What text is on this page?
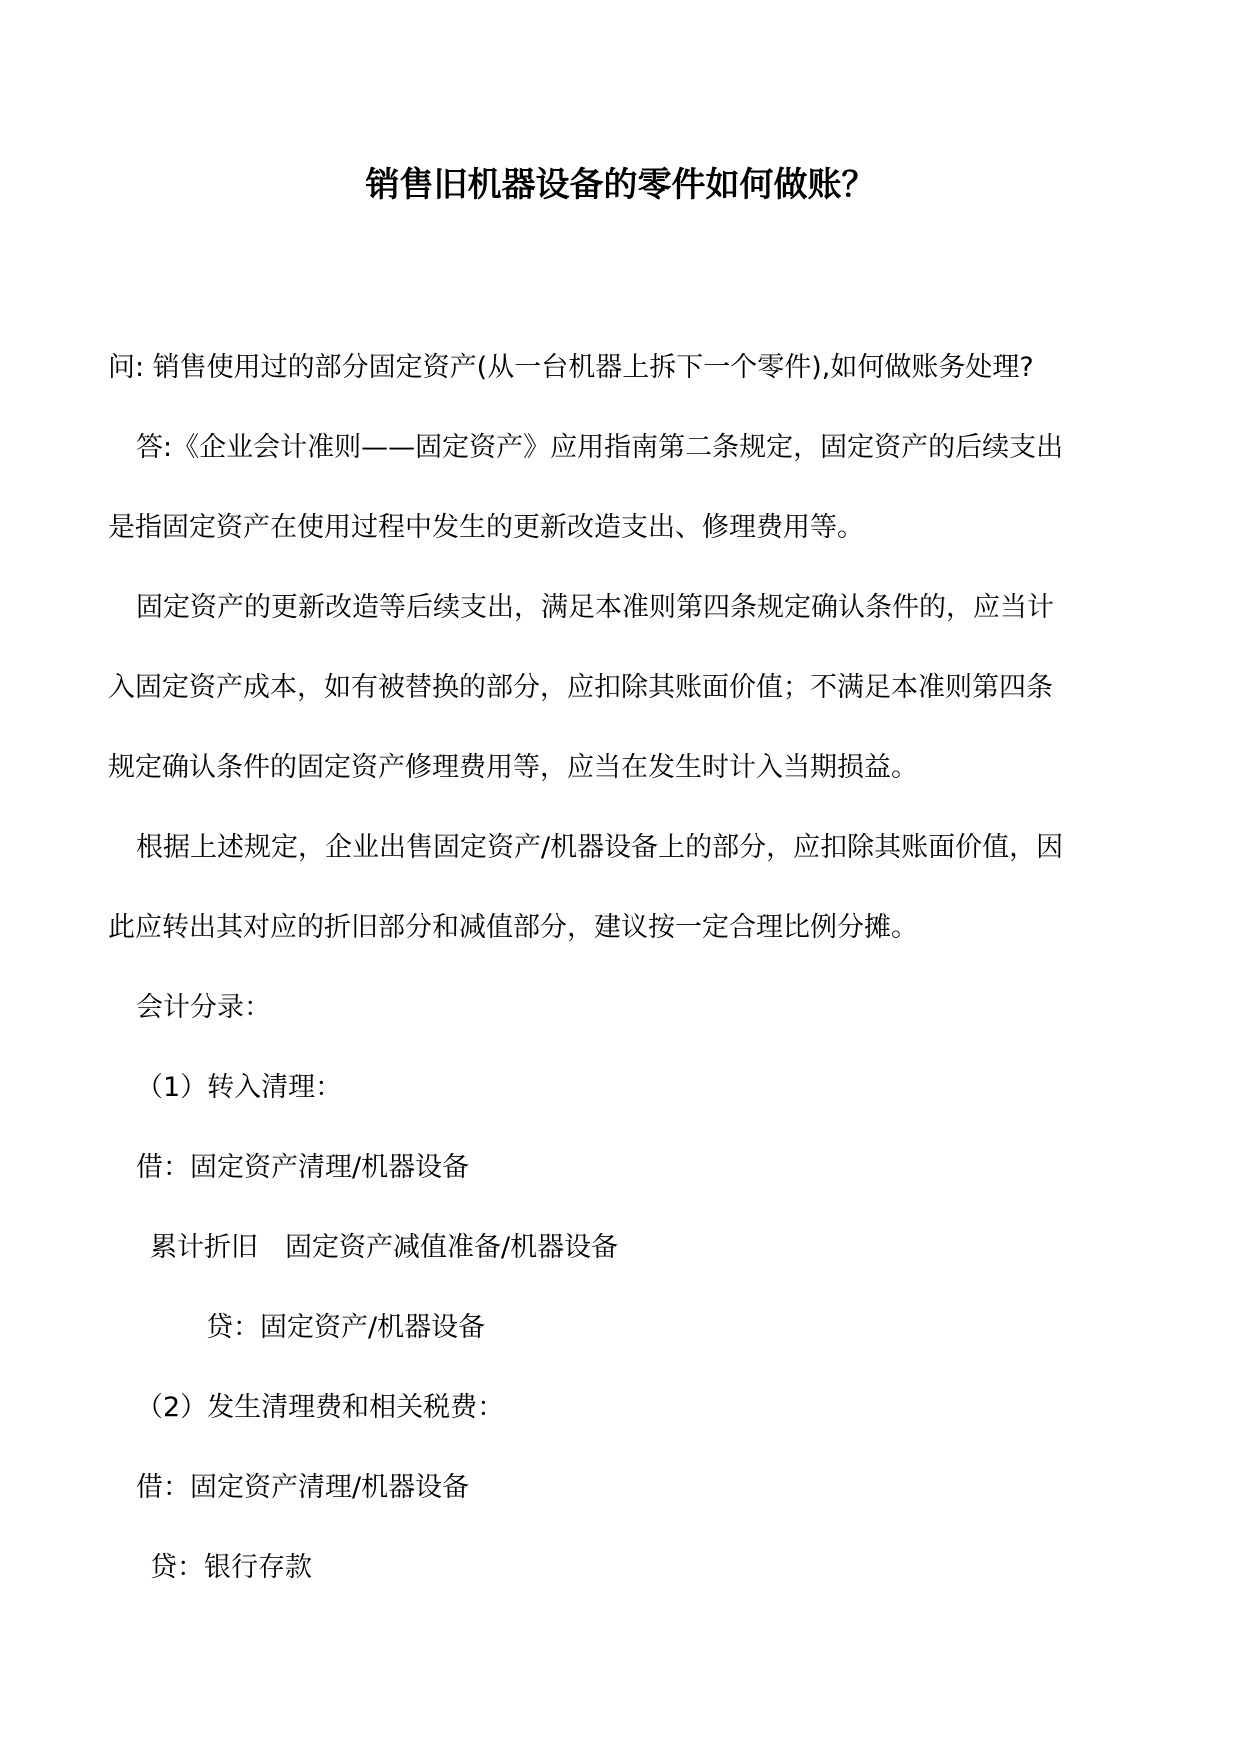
销售旧机器设备的零件如何做账？
问: 销售使用过的部分固定资产(从一台机器上拆下一个零件),如何做账务处理?
答:《企业会计准则——固定资产》应用指南第二条规定，固定资产的后续支出
是指固定资产在使用过程中发生的更新改造支出、修理费用等。
固定资产的更新改造等后续支出，满足本准则第四条规定确认条件的，应当计
入固定资产成本，如有被替换的部分，应扣除其账面价值；不满足本准则第四条
规定确认条件的固定资产修理费用等，应当在发生时计入当期损益。
根据上述规定，企业出售固定资产/机器设备上的部分，应扣除其账面价值，因
此应转出其对应的折旧部分和减值部分，建议按一定合理比例分摊。
会计分录：
（1）转入清理：
借：固定资产清理/机器设备
累计折旧　固定资产减值准备/机器设备
贷：固定资产/机器设备
（2）发生清理费和相关税费：
借：固定资产清理/机器设备
贷：银行存款
